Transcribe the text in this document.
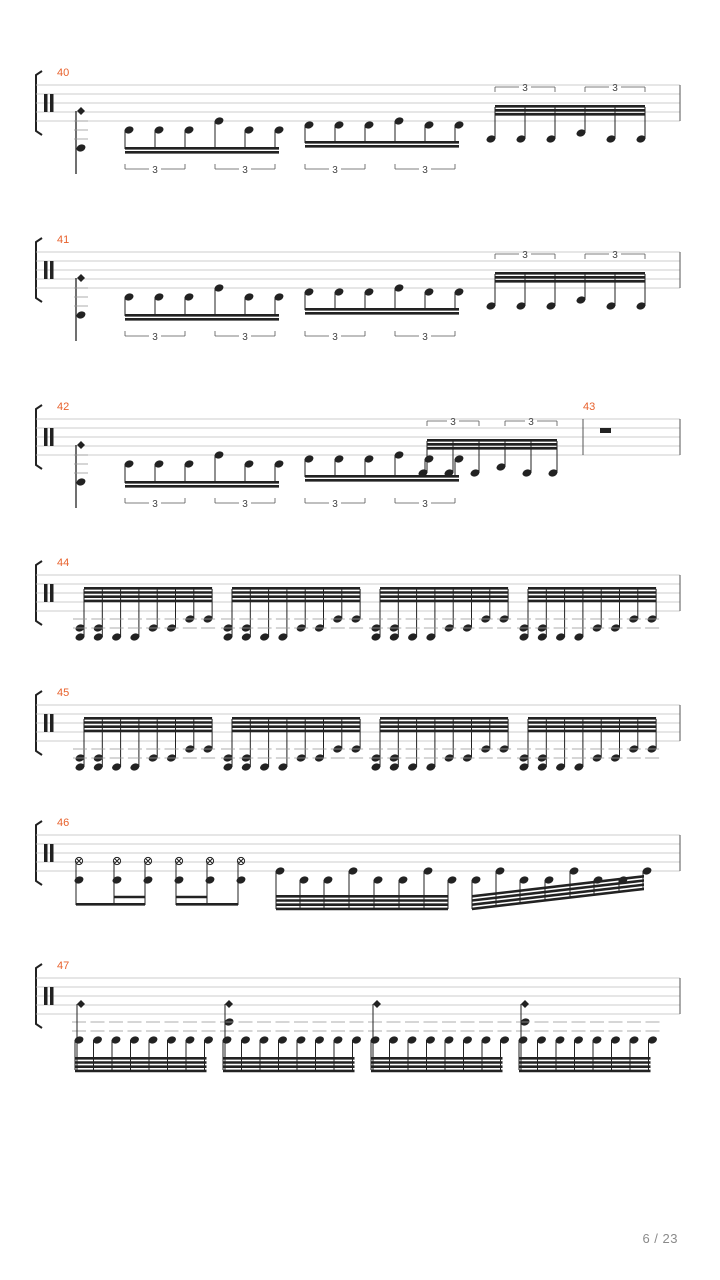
40
3	3	3	3
3	3
41
3	3	3	3
3	3
42
3	3	3	3
3	3
43
44
45
46
47
6 / 23
